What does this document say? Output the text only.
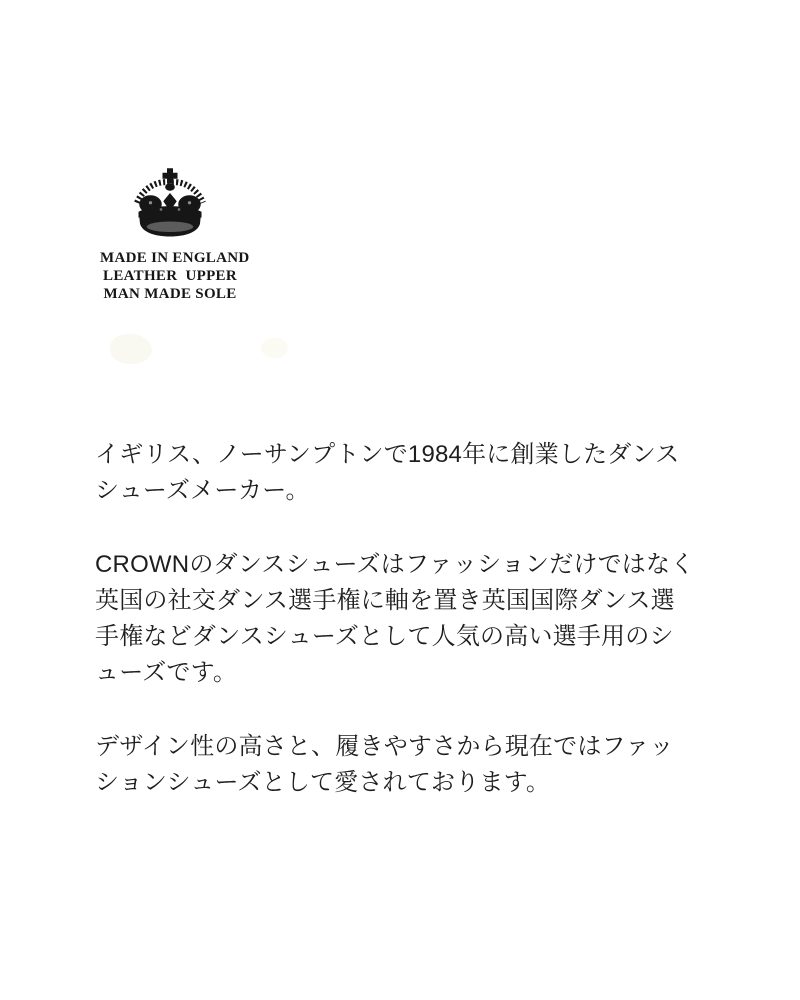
MADE IN ENGLAND
LEATHER  UPPER
MAN MADE SOLE

イギリス、ノーサンプトンで1984年に創業したダンス
シューズメーカー。

CROWNのダンスシューズはファッションだけではなく
英国の社交ダンス選手権に軸を置き英国国際ダンス選
手権などダンスシューズとして人気の高い選手用のシ
ューズです。

デザイン性の高さと、履きやすさから現在ではファッ
ションシューズとして愛されております。
